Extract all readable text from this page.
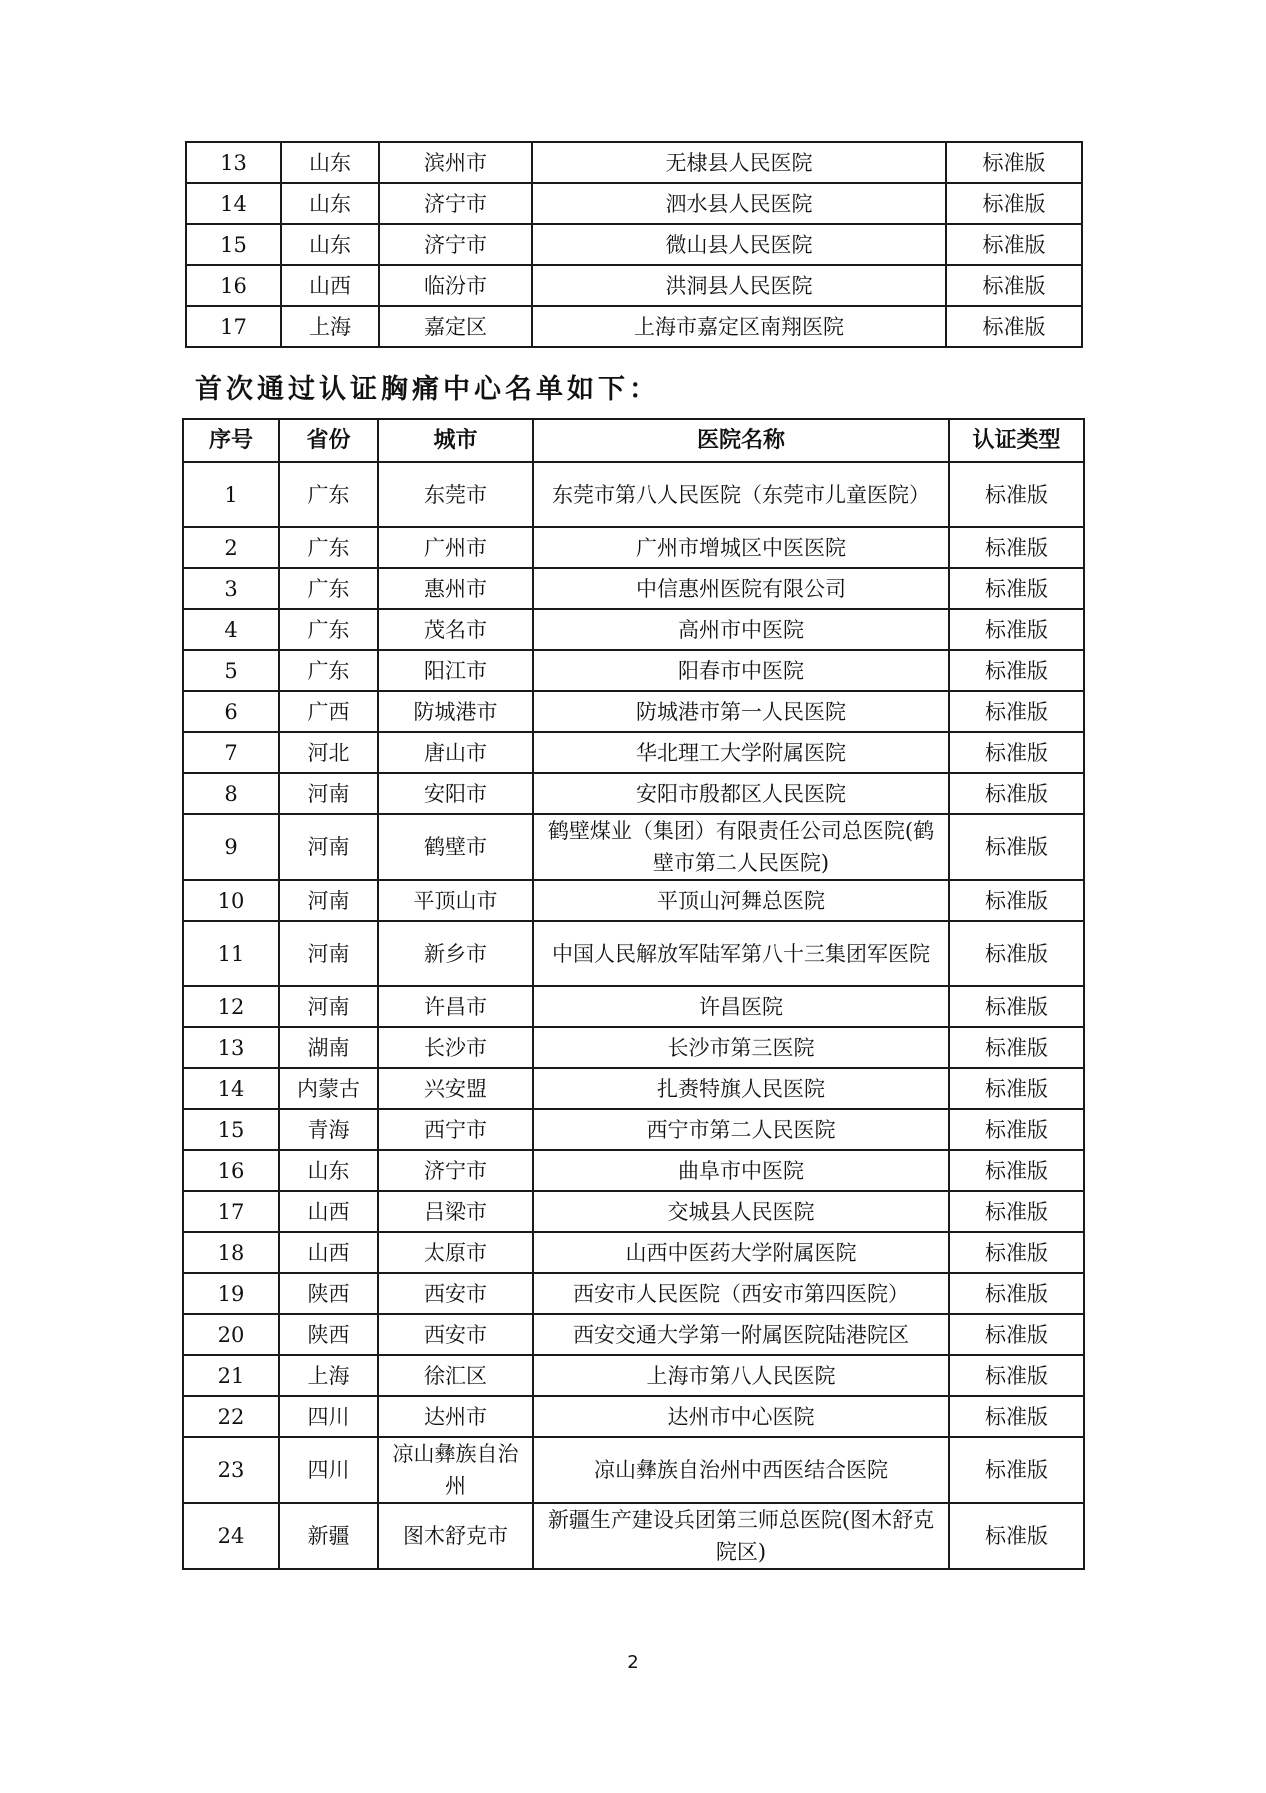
13	山东	滨州市	无棣县人民医院	标准版
14	山东	济宁市	泗水县人民医院	标准版
15	山东	济宁市	微山县人民医院	标准版
16	山西	临汾市	洪洞县人民医院	标准版
17	上海	嘉定区	上海市嘉定区南翔医院	标准版
首次通过认证胸痛中心名单如下：
序号	省份	城市	医院名称	认证类型
1	广东	东莞市	东莞市第八人民医院（东莞市儿童医院）	标准版
2	广东	广州市	广州市增城区中医医院	标准版
3	广东	惠州市	中信惠州医院有限公司	标准版
4	广东	茂名市	高州市中医院	标准版
5	广东	阳江市	阳春市中医院	标准版
6	广西	防城港市	防城港市第一人民医院	标准版
7	河北	唐山市	华北理工大学附属医院	标准版
8	河南	安阳市	安阳市殷都区人民医院	标准版
9	河南	鹤壁市	鹤壁煤业（集团）有限责任公司总医院(鹤壁市第二人民医院)	标准版
10	河南	平顶山市	平顶山河舞总医院	标准版
11	河南	新乡市	中国人民解放军陆军第八十三集团军医院	标准版
12	河南	许昌市	许昌医院	标准版
13	湖南	长沙市	长沙市第三医院	标准版
14	内蒙古	兴安盟	扎赉特旗人民医院	标准版
15	青海	西宁市	西宁市第二人民医院	标准版
16	山东	济宁市	曲阜市中医院	标准版
17	山西	吕梁市	交城县人民医院	标准版
18	山西	太原市	山西中医药大学附属医院	标准版
19	陕西	西安市	西安市人民医院（西安市第四医院）	标准版
20	陕西	西安市	西安交通大学第一附属医院陆港院区	标准版
21	上海	徐汇区	上海市第八人民医院	标准版
22	四川	达州市	达州市中心医院	标准版
23	四川	凉山彝族自治州	凉山彝族自治州中西医结合医院	标准版
24	新疆	图木舒克市	新疆生产建设兵团第三师总医院(图木舒克院区)	标准版
2
